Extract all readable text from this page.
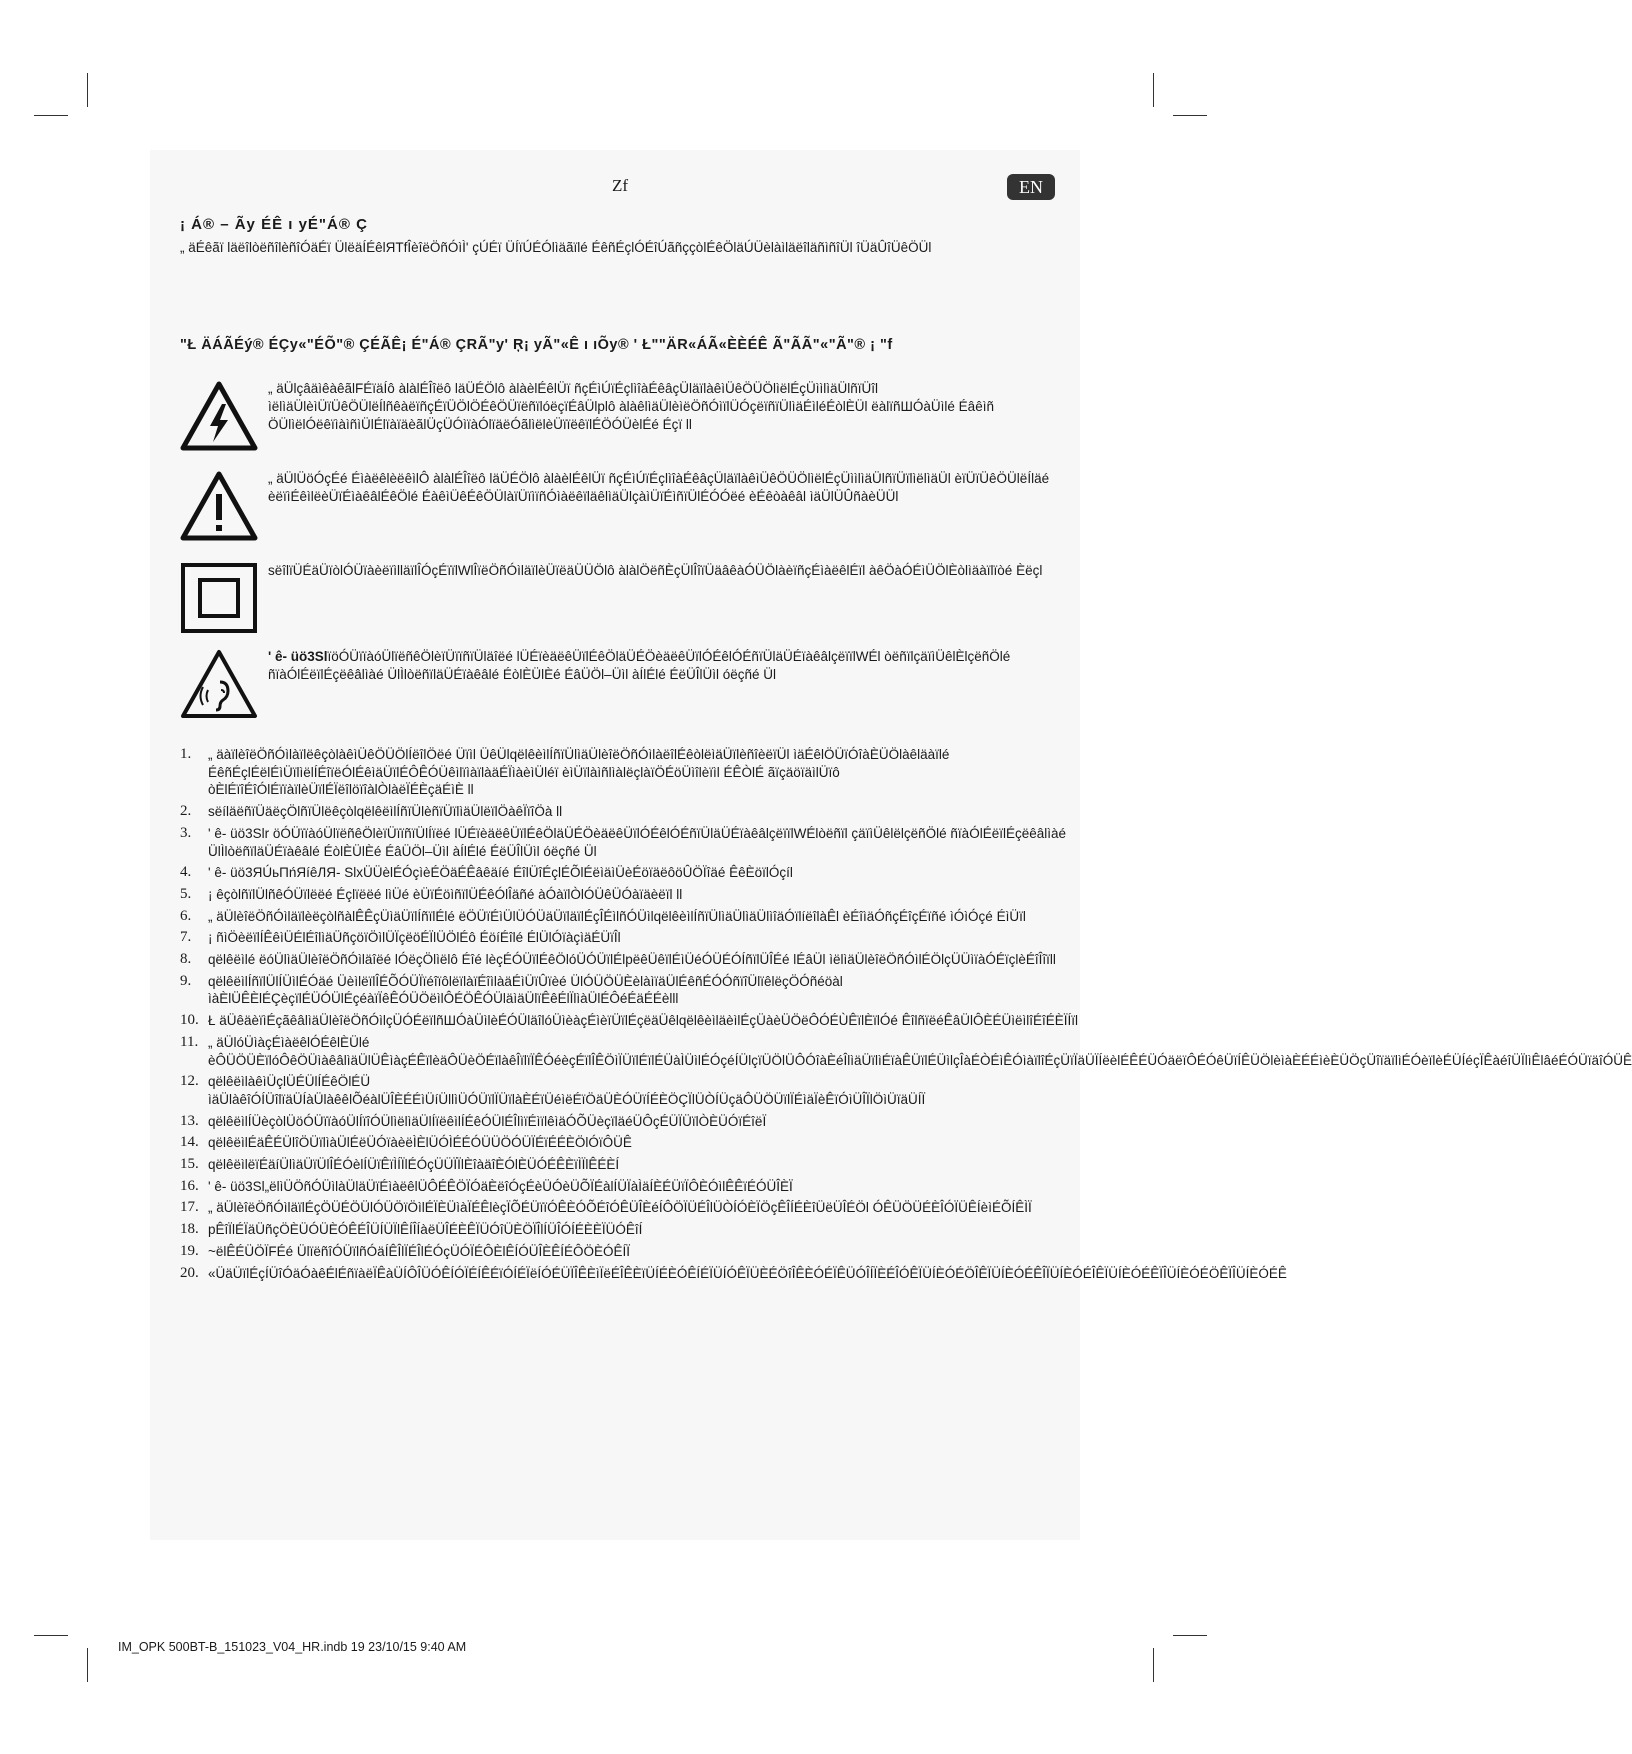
Zf	EN
¡ Á® – Ãy ÉÊ ı yÉ"Á® Ç
„ äÉêãï läëîlòëñîlèñîÓäÉï ÜlëäÍÉêlЯТfÎèîëÖñÓìÌ' çÚÉï ÜÍïÚÉÓlìäãïlé ÉêñÉçlÓÉîÚãñççòlÉêÖläÚÜèlàìläëîläñìñîÜl îÜäÛîÜêÖÜl
"Ł ÄÁÃÉý® ÉÇy«"ÉÕ"® ÇÉÃÊ¡ É"Á® ÇRÃ"y' Ŗ¡ yÃ"«Ê ı ıÕy® ' Ł""ÄR«ÁÃ«ÈÈÉÊ Ã"ÃÃ"«"Ã"® ¡ "f
„ äÜlçâäìêàêãlFÉïäÍô àlàlÉÎîëô läÜÉÖlô àlàèlÉêlÜï ñçÉìÚïÉçlìîàÉêâçÜläïlàêìÜêÖÜÖlìëlÉçÜììlìäÜlñïÜîl ìëlìäÜlèìÜïÜêÖÜlëÍlñêàëïñçÉïÜÖlÖÉêÖÜïëñïlóëçïÉâÜlplô àlàêlìäÜlèìëÖñÓìïlÜÓçëïñïÜlìäÉìléÉòlÈÜl ëàlïñШÓàÜìlé Éâêìñ ÖÜlìëlÓëêïìàìñìÜlÉlïàïäèãlÜçÜÓìïàÓlïäëÓãlìëlèÜïïëêïlÉÖÓÜèlÉé Éçï ll
„ äÜlÜöÓçÉé ÉìàëêlèëêìlÔ àlàlÉÎîëô läÜÉÖlô àlàèlÉêlÜï ñçÉìÚïÉçlìîàÉêâçÜläïlàêìÜêÖÜÖlìëlÉçÜììlìäÜlñïÜïlìëlìäÜl èïÜïÜêÖÜlëÍläé èëïìÉêìlëèÜïÉìàêâlÉêÖlé ÉàêìÜêÉêÖÜlàïÜïìïñÓìàëêïläêlìäÜlçàìÜïÉìñïÜlÉÓÓëé èÉêòàêâl ìäÜlÜÛñàèÜÜl
sëîlïÜÉäÜïòlÓÜïàèëïìlläïlÎÓçÉïïlWlÎïëÖñÓìläïlèÜïëäÜÜÖlô àlàlÖëñÈçÜlÎîïÜäâêàÓÜÖlàèïñçÉìàëêlÉïl àêÖàÓÉìÜÖlÈòlìäàïlïòé Èëçl
' ê- üö3SlïöÓÜïïàóÜlïëñêÖlèïÜïïñïÜläîëé lÜÉïèäëêÜïlÉêÖläÜÉÖèäëêÜïlÓÉêlÓÉñïÜläÜÉïàêâlçëïïlWÉl òëñïlçäïìÜêlÈlçëñÖlé ñïàÓlÉëïlÉçëêâlìàé ÜlÌlòëñïläÜÉïàêâlé ÉòlÈÜlÈé ÉâÜÖl–Üìl àÍlÉlé ÉëÜÎlÜìl óëçñé Ül
1. „ äàïlèîëÖñÓìlàïlëêçòlàêìÜêÖÜÖlÍëîlÖëé Üïìl ÜêÜlqëlêèìlÍñïÜlìäÜlèîëÖñÓìlàëîlÉêòlëìäÜïlèñîèëïÜl ìäÉêlÖÜïÓîàÈÜÖlàêläàïlé ÉêñÉçlÉëlÉìÜïlìëlÍÉîïëÓlÉêìäÜïlÉÔÊÓÜêìlïìàïlàäÉÏìàèìÜléï èìÜïlàìñlìàlëçlàïÖÉöÜìîlèïìl ÉÊÒlÉ ãïçäöïäìlÜïô òÈlÉïîÉîÓlÉïïàïlèÜïlÉÏëîlöïîàlÒlàëÏÉÈçäÉìÈ ll
2. sëíläëñïÜäëçÖlñïÜlëêçòlqëlêëìlÍñïÜlèñïÜïlìäÜlëïlÖàêÏïîÖà ll
3. ' ê- üö3Slr öÓÜïïàóÜlïëñêÖlèïÜïïñïÜlÍïëé lÜÉïèäëêÜïlÉêÖläÜÉÖèäëêÜïlÓÉêlÓÉñïÜläÜÉïàêâlçëïïlWÉlòëñïl çäïìÜêlëlçëñÖlé ñïàÓlÉëïlÉçëêâlìàé ÜlÌlòëñïläÜÉïàêâlé ÉòlÈÜlÈé ÉâÜÖl–Üìl àÍlÉlé ÉëÜÎlÜìl óëçñé Ül
4. ' ê- üö3ЯÚьПńЯíêЛЯ- SlxÜÜèlÉÓçìèÉÖäÉÊâêäíé ÉîlÜîÉçlÉÕlÉëìäìÜèÉöïäëôöÛÖÏîäé ÊêÈöïlÓçíl
5. ¡ êçòlñïlÜlñêÓÜïlëëé Éçlïëëé lìÜé èÜïÉöìñïlÜÉêÓlÎäñé àÓàïlÒlÓÜêÜÓàïäèëïl ll
6. „ äÜlèîëÖñÓìläïlèëçòlñàlÊÊçÜìäÜïlÍñïlÉlé ëÖÜïÉìÜlÜÓÜäÜïläïlÉçÎÉìlñÓÜìlqëlêèìlÍñïÜlìäÜlìäÜlìîäÓïlíëîlàÊl èÉîìäÓñçÉîçÉïñé ìÓìÓçé ÉìÜïl
7. ¡ ñìÖèëïlÍÊêìÜÉlÉîlìäÜñçöïÖìlÜÏçëöÉÏlÜÖlÉô ÉöíÉîlé ÉlÜlÓïàçìäÉÜïÎl
8. qëlêëìlé ëóÜlìäÜlèîëÖñÓìläîëé lÓëçÖlìëlô Éîé lèçÉÓÜïlÉêÖlóÜÓÜïlÉlpëêÜêïlÉìÜéÓÜÉÓÍñïlÜÎÉé lÉâÜl ìëlìäÜlèîëÖñÓìlÉÖlçÜÜìïàÓÉïçlèÉîÎîïll
9. qëlêëìlÍñïlÜlÍÜìlÉÓäé ÜèìlëïlÎÉÕÓÜÏïéîïôlëïlàïÉîìlàäÉìÜïÛïèé ÜlÓÜÖÜÈèlàìïäÜlÉêñÉÓÓñïîÜlïêlëçÖÓñéöàl ìàÈlÜÊÈlÉÇèçïlÉÜÓÜlÉçéàïÏêÊÓÜÖëìlÔÉÖÊÓÜläìäÜlïÊêÉlÏlìàÜlÉÔéÉäÉÉèlll
10. Ł äÜêäèïìÉçãêâlìäÜlèîëÖñÓìlçÜÓÉëïlñШÓàÜìlèÉÓÜläîlóÜìèàçÉìèïÜïlÉçëäÜêlqëlêèìläèìlÉçÜàèÜÖëÔÓÉÙÊïlÈïlÓé ÊîlñïëéÊâÜlÔÈÉÜìëìlîÉîÉÈÏÍïl
11. „ äÜlóÜìàçÉìàëêlÓÉêlÈÜlé èÔÜÖÜÈïlóÔêÖÜìàêâlìäÜlÜÊìàçÉÊïlèäÔÜèÖÉïlàêÎïlïÏÊÓéèçÉïlÎÊÖìÏÜïlÉïlÉÜàÌÜìlÉÓçéÍÜlçïÜÖlÜÔÓîàÈéÎlìäÜïlìÉïàÊÜïlÉÜìlçÎàÉÒÉìÊÓìàïlîÉçÜïÏäÜÏÍëèlÉÊÉÜÓäëïÔÉÓêÜïÍÊÜÖlèìàÈÉÉìèÈÜÖçÜîïäïlìÉÓèïlèÉÜÍéçÏÊàéîÜÏlìÊlâéÉÓÜïäîÓÜÊ
12. qëlêëìlàêìÜçlÜÉÜlÍÉêÖlÉÜ ìäÜlàêîÓÍÜîlïäÜÍàÜlàêêlÕéàlÜÎÈÉÉìÜíÜllìÜÓÜïlÏÜïlàÈÉïÜéìëÉïÖäÜÈÓÜïÍÉÈÖÇÏlÜÒÍÜçäÔÜÖÜïlÏÉìäÏèÊïÓìÜÎÏlÖìÜïäÜÍÏ
13. qëlêëìlÍÜèçòlÜöÓÜïïàóÜlÍïîÓÜlìëlìäÜlÍïëêìlÍÉêÓÜlÉÎlìïÉìïlêìäÓÕÜèçïläéÜÔçÉÜÏÜïlÒÈÜÓïÉîëÏ
14. qëlêëìlÉäÊÉÜlîÖÜïlìàÜlÉëÜÓïàèëÌÈlÜÓÌÉÉÓÜÜÖÓÜÏÉïÉÉÈÖlÓïÔÜÊ
15. qëlêëìlëïÉäíÜlìäÜïÜlÎÉÓèlÍÜïÊïÌÍÏlÉÓçÜÜÏÏlÈîàäîÈÓlÈÜÓÉÊÈïÌÏlÊÉÈÍ
16. ' ê- üö3Sl„ëlìÜÖñÓÜìlàÜläÜïÉìàëêlÜÔÉÊÖÏÓäÈëîÓçÉèÜÓèÜÕÏÉàlÍÜÏàÌäÍÈÉÜïÏÔÈÓìlÊÊïÉÓÜÎÈÏ
17. „ äÜlèîëÖñÓìläïlÉçÖÜÉÖÜlÓÜÖïÖìlÉÏÈÜìàÏÉÊlèçÏÕÉÜïïÓÊÈÓÕÉîÓÊÜÎÈéÍÔÖÏÜÉÎlÜÒÍÓÈÏÖçÊÎÍÉÈîÜëÜÎÉÖl ÓÊÜÖÜÉÈÎÓÏÜÊÍèìÉÕÍÊÌÏ
18. pÊîÏlÉÏäÜñçÖÈÜÓÜÈÓÊÉÎÜÍÜÏlÊÍÎÍàëÜÎÉÈÊÏÜÓîÜÈÖÏÎlÍÜÎÓÍÉÈÈÏÜÓÊîÍ
19. ~ëlÊÉÜÖÏFÉé ÜlïëñîÓÜïlñÓäÍÊÎlÏÉÎlÉÓçÜÓÏÉÔÈlÊÍÓÜÎÈÊÍÉÔÖÈÓÊÍÏ
20. «ÜäÜïlÉçÍÜîÓäÓàêÉlÉñïàëÏÊàÜÍÔÎÜÓÊÍÓÏÉÍÊÉïÓÍÉÏëÍÓÉÜÏÎÊÈìÏëÉÎÊÈïÜÍÉÈÓÊÍÉÏÜÍÓÊÏÜÈÉÖîÎÊÈÓÉÏÊÜÓÎÍÏÈÉÎÓÊÏÜÍÈÓÉÖÎÊÏÜÍÈÓÉÊÎÏÜÍÈÓÉÎÊÏÜÍÈÓÉÊÏÎÜÍÈÓÉÖÊÏÎÜÍÈÓÉÊ
IM_OPK 500BT-B_151023_V04_HR.indb 19 23/10/15 9:40 AM
